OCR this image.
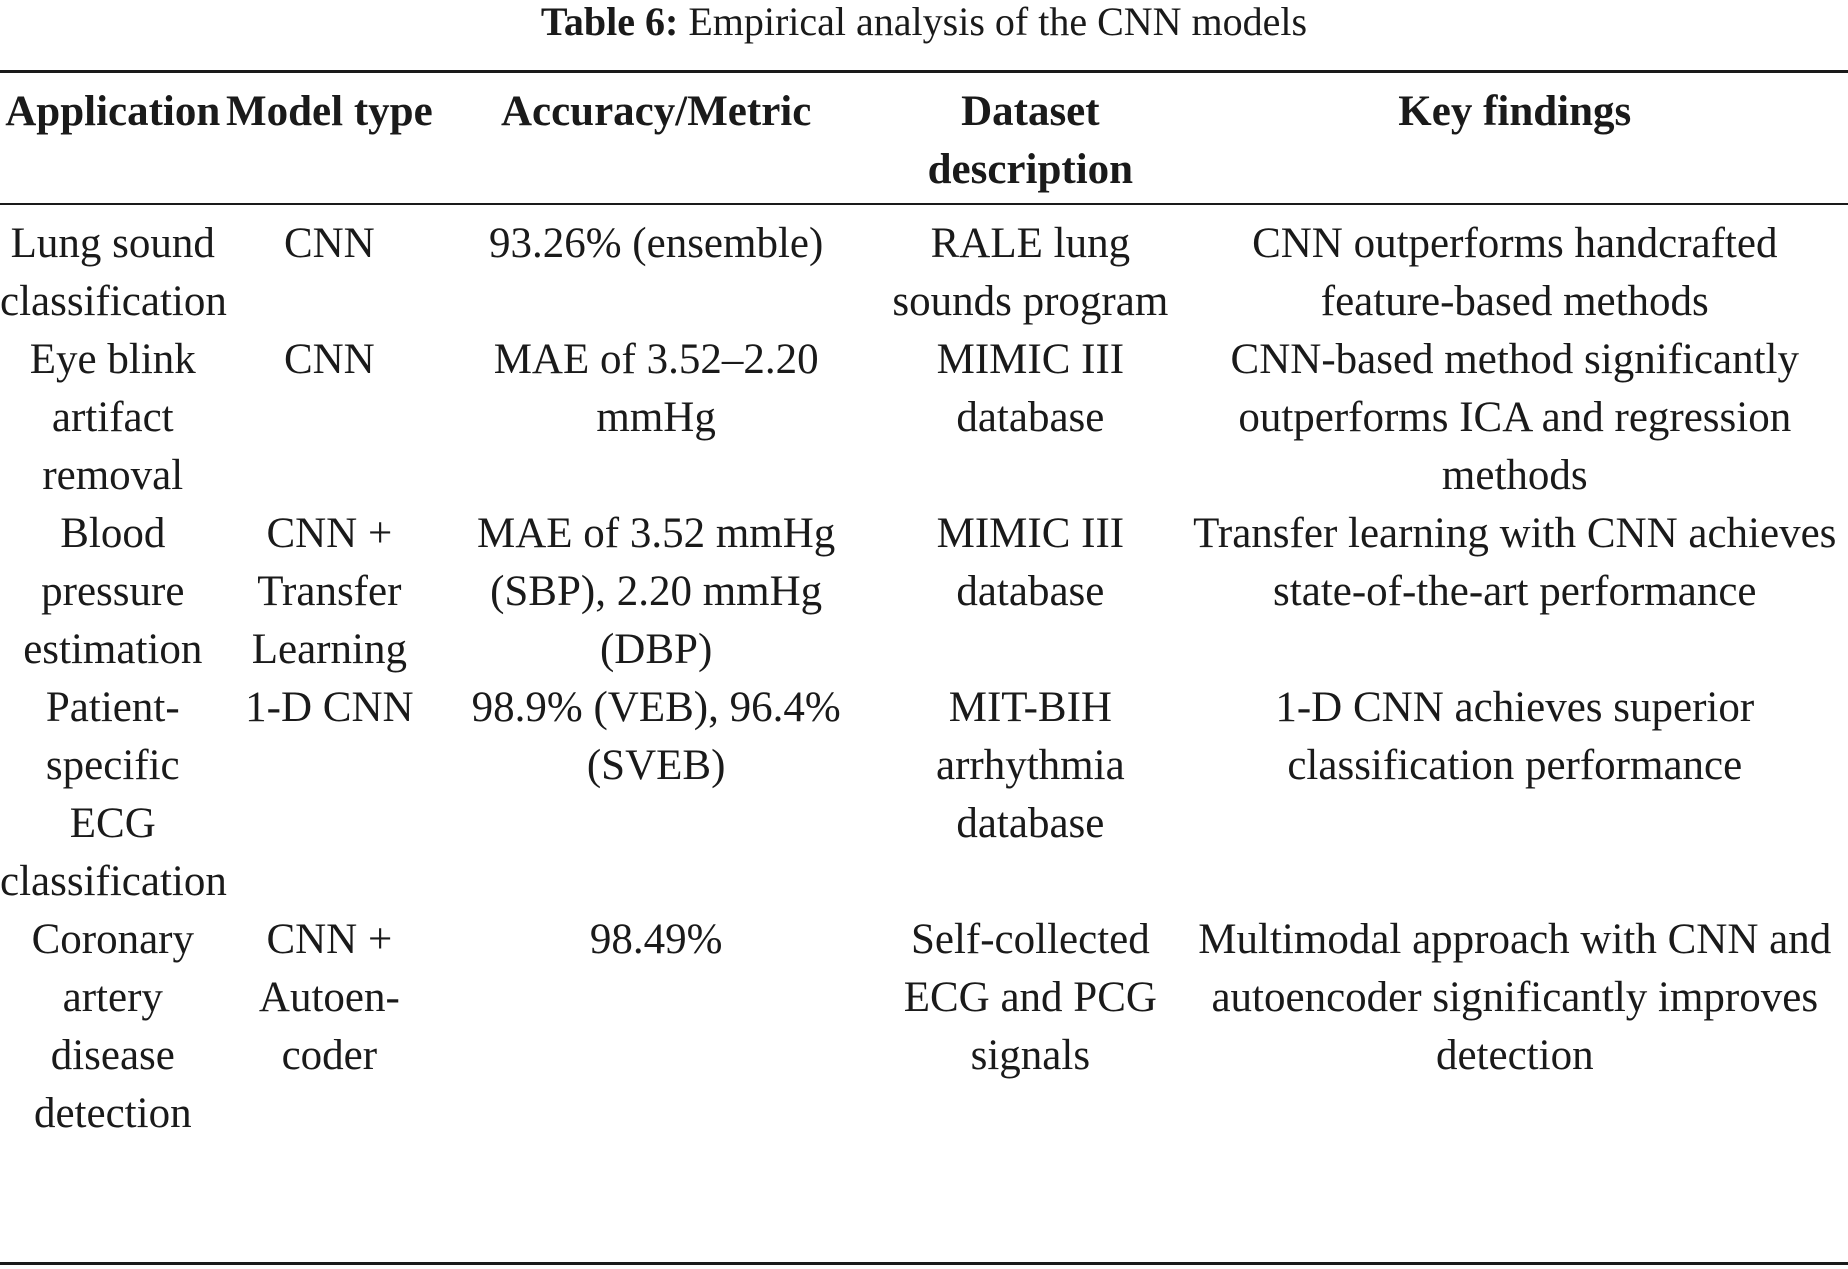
Table 6: Empirical analysis of the CNN models
Application	Model type	Accuracy/Metric	Dataset description	Key findings

Lung sound classification	CNN	93.26% (ensemble)	RALE lung sounds program	CNN outperforms handcrafted feature-based methods
Eye blink artifact removal	CNN	MAE of 3.52–2.20 mmHg	MIMIC III database	CNN-based method significantly outperforms ICA and regression methods
Blood pressure estimation	CNN + Transfer Learning	MAE of 3.52 mmHg (SBP), 2.20 mmHg (DBP)	MIMIC III database	Transfer learning with CNN achieves state-of-the-art performance
Patient-specific ECG classification	1-D CNN	98.9% (VEB), 96.4% (SVEB)	MIT-BIH arrhythmia database	1-D CNN achieves superior classification performance
Coronary artery disease detection	CNN + Autoen-coder	98.49%	Self-collected ECG and PCG signals	Multimodal approach with CNN and autoencoder significantly improves detection
